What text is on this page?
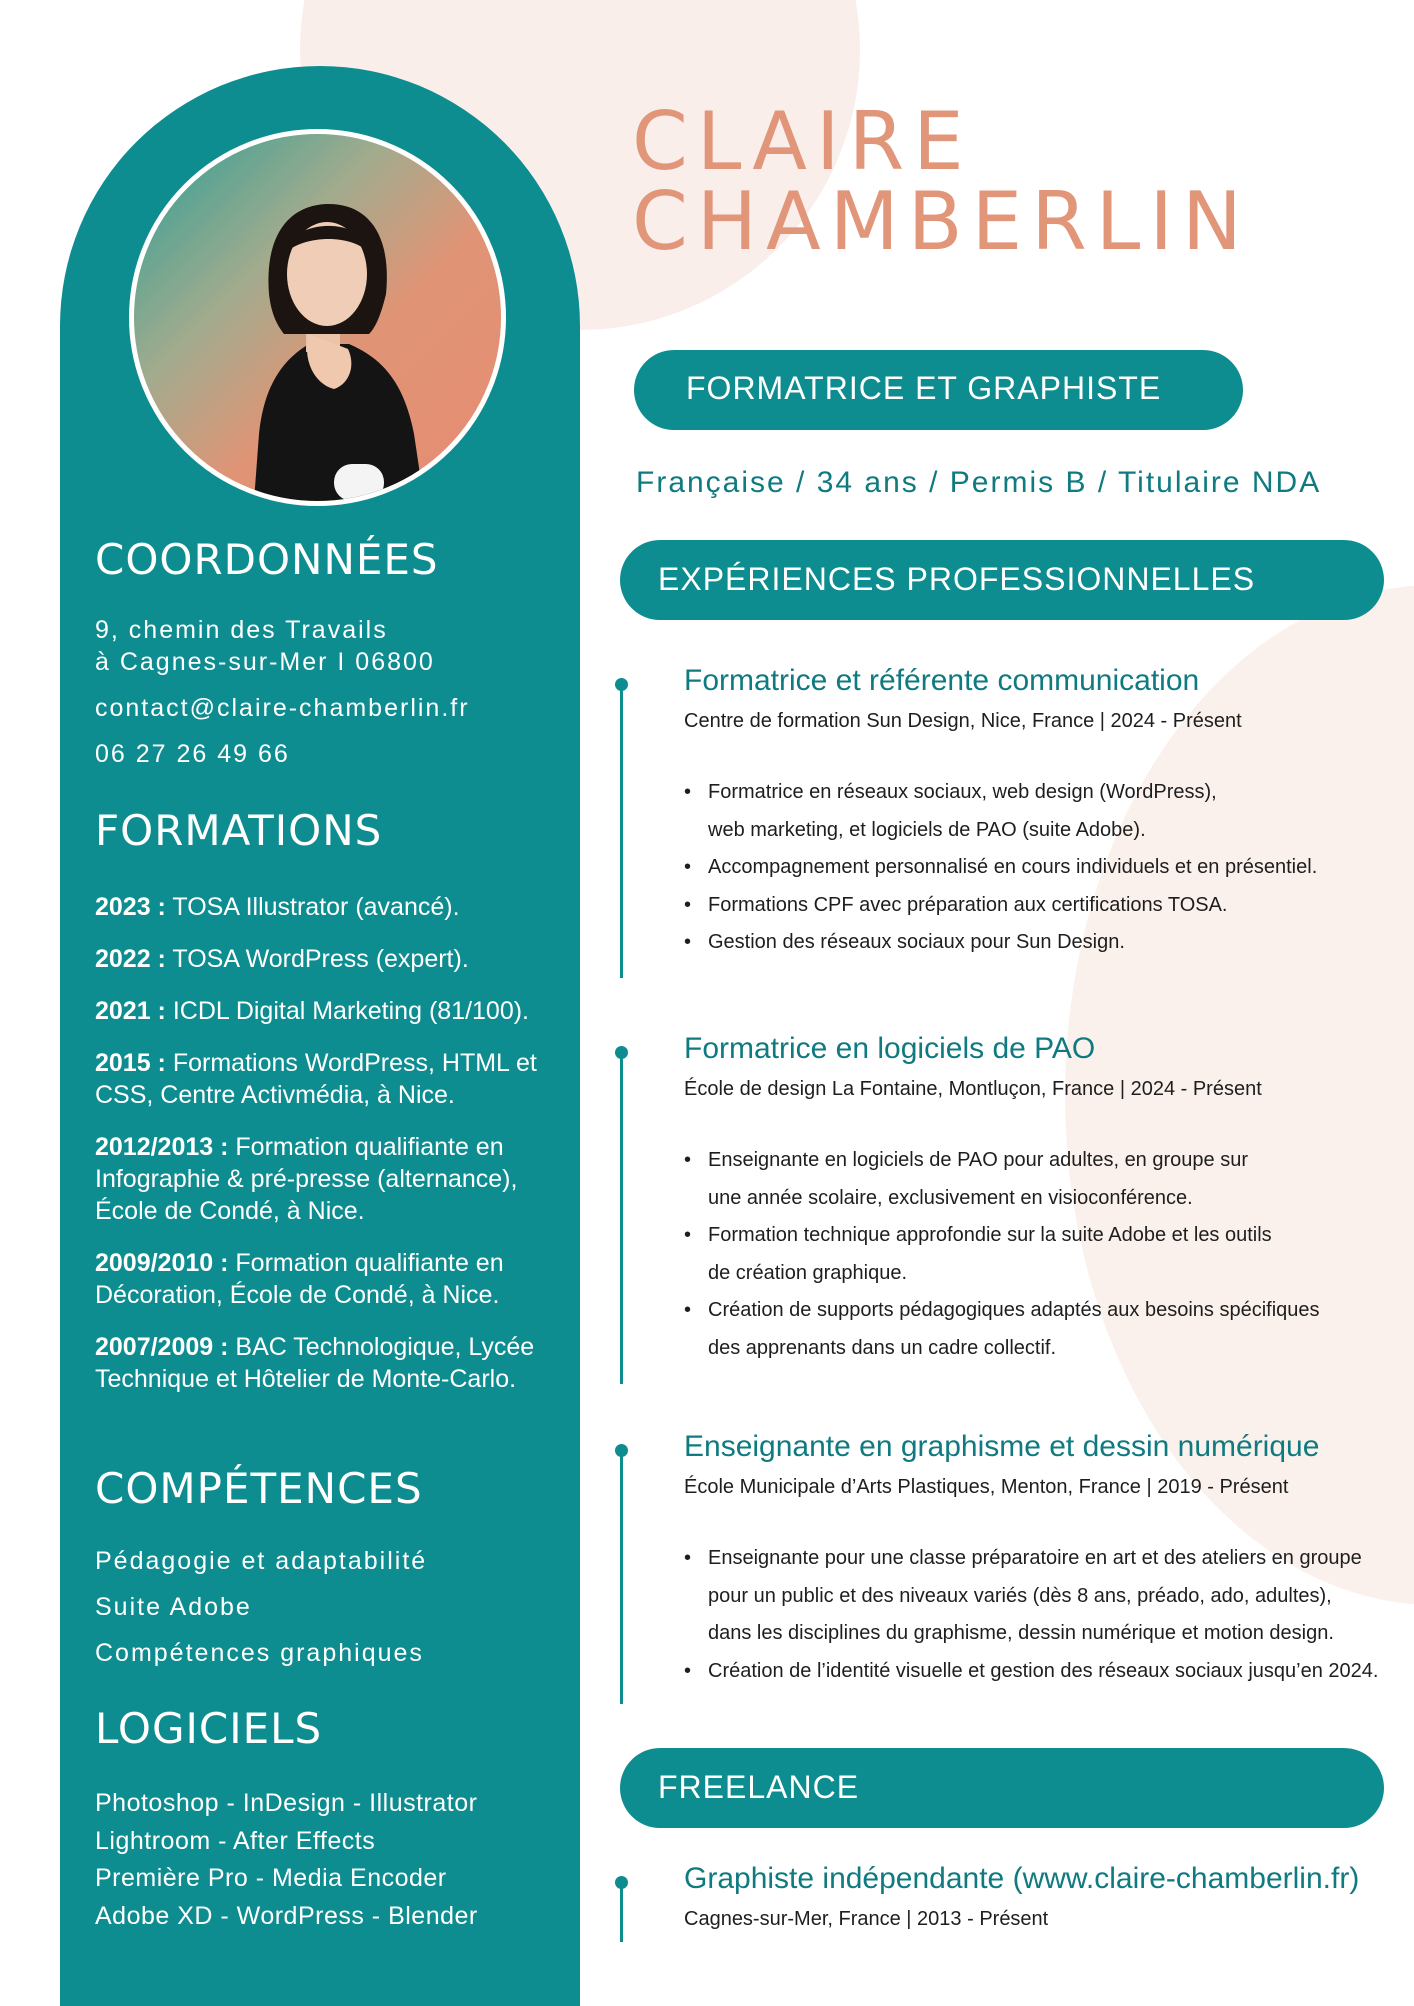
COORDONNÉES

9, chemin des Travails

à Cagnes-sur-Mer I 06800

contact@claire-chamberlin.fr

06 27 26 49 66

FORMATIONS

2023 : TOSA Illustrator (avancé).

2022 : TOSA WordPress (expert).

2021 : ICDL Digital Marketing (81/100).

2015 : Formations WordPress, HTML et CSS, Centre Activmédia, à Nice.

2012/2013 : Formation qualifiante en Infographie & pré-presse (alternance), École de Condé, à Nice.

2009/2010 : Formation qualifiante en Décoration, École de Condé, à Nice.

2007/2009 : BAC Technologique, Lycée Technique et Hôtelier de Monte-Carlo.

COMPÉTENCES

Pédagogie et adaptabilité

Suite Adobe

Compétences graphiques

LOGICIELS

Photoshop - InDesign - Illustrator

Lightroom - After Effects

Première Pro - Media Encoder

Adobe XD - WordPress - Blender

CLAIRE
CHAMBERLIN
FORMATRICE ET GRAPHISTE
Française / 34 ans / Permis B / Titulaire NDA
EXPÉRIENCES PROFESSIONNELLES
Formatrice et référente communication
Centre de formation Sun Design, Nice, France | 2024 - Présent
• Formatrice en réseaux sociaux, web design (WordPress),
web marketing, et logiciels de PAO (suite Adobe).
• Accompagnement personnalisé en cours individuels et en présentiel.
• Formations CPF avec préparation aux certifications TOSA.
• Gestion des réseaux sociaux pour Sun Design.
Formatrice en logiciels de PAO
École de design La Fontaine, Montluçon, France | 2024 - Présent
• Enseignante en logiciels de PAO pour adultes, en groupe sur
une année scolaire, exclusivement en visioconférence.
• Formation technique approfondie sur la suite Adobe et les outils
de création graphique.
• Création de supports pédagogiques adaptés aux besoins spécifiques
des apprenants dans un cadre collectif.
Enseignante en graphisme et dessin numérique
École Municipale d’Arts Plastiques, Menton, France | 2019 - Présent
• Enseignante pour une classe préparatoire en art et des ateliers en groupe
pour un public et des niveaux variés (dès 8 ans, préado, ado, adultes),
dans les disciplines du graphisme, dessin numérique et motion design.
• Création de l’identité visuelle et gestion des réseaux sociaux jusqu’en 2024.
FREELANCE
Graphiste indépendante (www.claire-chamberlin.fr)
Cagnes-sur-Mer, France | 2013 - Présent
